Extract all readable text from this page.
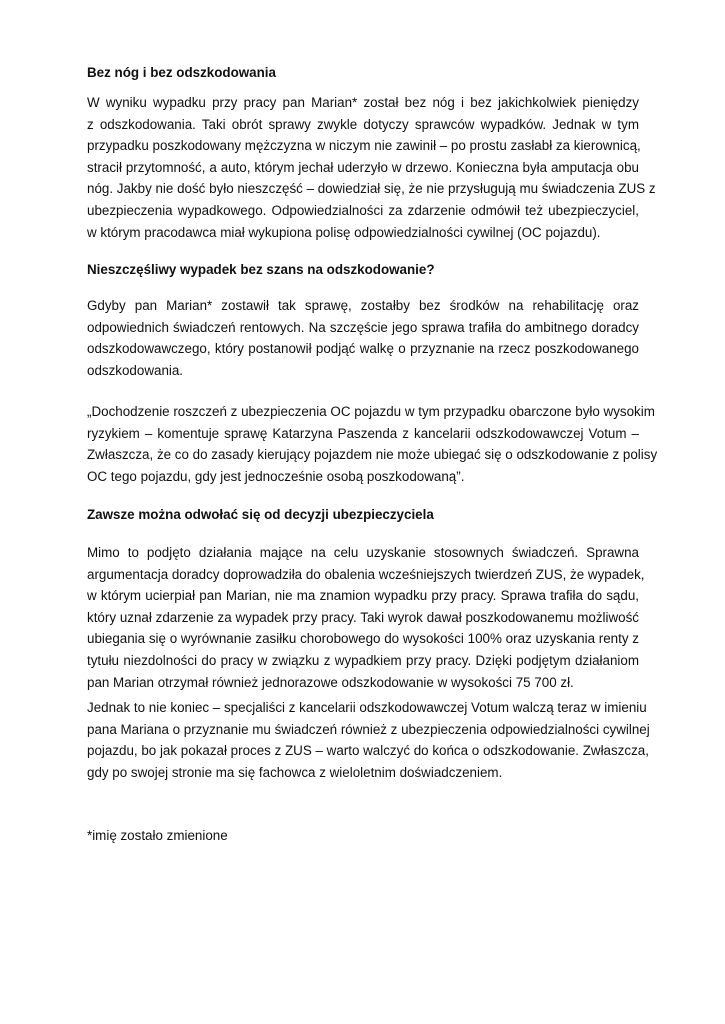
Bez nóg i bez odszkodowania

W wyniku wypadku przy pracy pan Marian* został bez nóg i bez jakichkolwiek pieniędzy
z odszkodowania. Taki obrót sprawy zwykle dotyczy sprawców wypadków. Jednak w tym
przypadku poszkodowany mężczyzna w niczym nie zawinił – po prostu zasłabł za kierownicą,
stracił przytomność, a auto, którym jechał uderzyło w drzewo. Konieczna była amputacja obu
nóg. Jakby nie dość było nieszczęść – dowiedział się, że nie przysługują mu świadczenia ZUS z
ubezpieczenia wypadkowego. Odpowiedzialności za zdarzenie odmówił też ubezpieczyciel,
w którym pracodawca miał wykupiona polisę odpowiedzialności cywilnej (OC pojazdu).

Nieszczęśliwy wypadek bez szans na odszkodowanie?

Gdyby pan Marian* zostawił tak sprawę, zostałby bez środków na rehabilitację oraz
odpowiednich świadczeń rentowych. Na szczęście jego sprawa trafiła do ambitnego doradcy
odszkodowawczego, który postanowił podjąć walkę o przyznanie na rzecz poszkodowanego
odszkodowania.
„Dochodzenie roszczeń z ubezpieczenia OC pojazdu w tym przypadku obarczone było wysokim
ryzykiem – komentuje sprawę Katarzyna Paszenda z kancelarii odszkodowawczej Votum –
Zwłaszcza, że co do zasady kierujący pojazdem nie może ubiegać się o odszkodowanie z polisy
OC tego pojazdu, gdy jest jednocześnie osobą poszkodowaną”.

Zawsze można odwołać się od decyzji ubezpieczyciela

Mimo to podjęto działania mające na celu uzyskanie stosownych świadczeń. Sprawna
argumentacja doradcy doprowadziła do obalenia wcześniejszych twierdzeń ZUS, że wypadek,
w którym ucierpiał pan Marian, nie ma znamion wypadku przy pracy. Sprawa trafiła do sądu,
który uznał zdarzenie za wypadek przy pracy. Taki wyrok dawał poszkodowanemu możliwość
ubiegania się o wyrównanie zasiłku chorobowego do wysokości 100% oraz uzyskania renty z
tytułu niezdolności do pracy w związku z wypadkiem przy pracy. Dzięki podjętym działaniom
pan Marian otrzymał również jednorazowe odszkodowanie w wysokości 75 700 zł.
Jednak to nie koniec – specjaliści z kancelarii odszkodowawczej Votum walczą teraz w imieniu
pana Mariana o przyznanie mu świadczeń również z ubezpieczenia odpowiedzialności cywilnej
pojazdu, bo jak pokazał proces z ZUS – warto walczyć do końca o odszkodowanie. Zwłaszcza,
gdy po swojej stronie ma się fachowca z wieloletnim doświadczeniem.

*imię zostało zmienione
